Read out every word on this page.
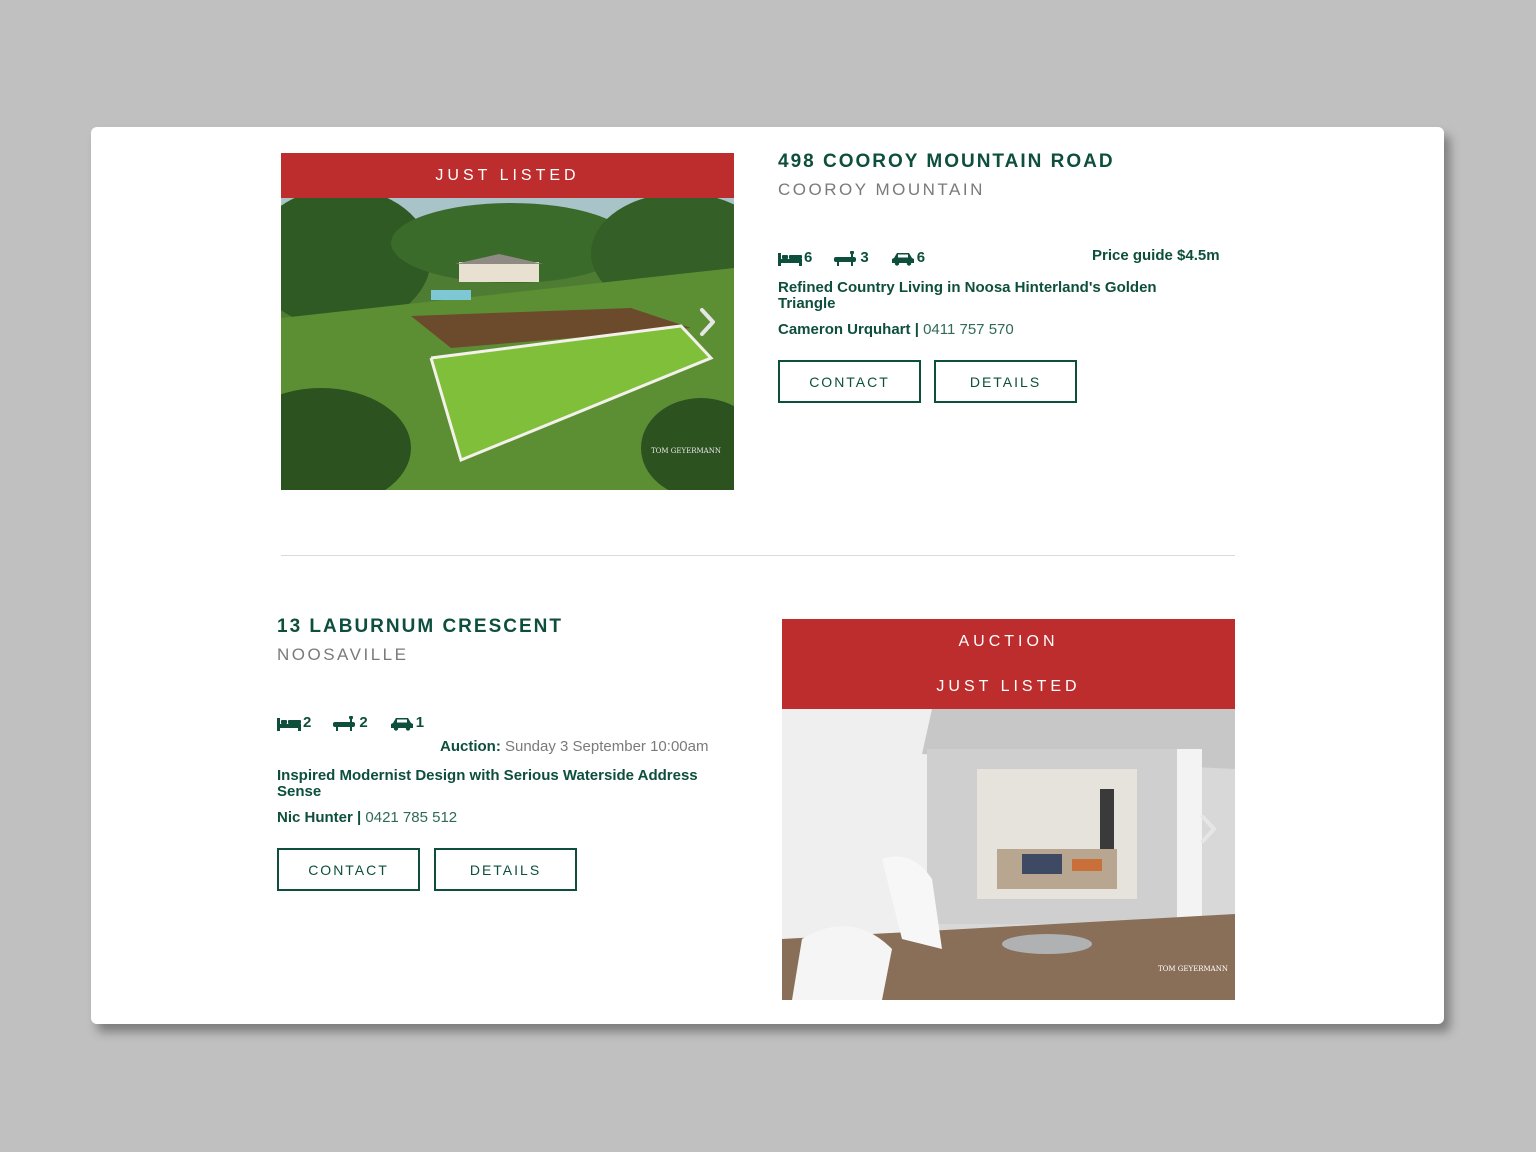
JUST LISTED
TOM GEYERMANN
498 COOROY MOUNTAIN ROAD
COOROY MOUNTAIN
6	3	6	Price guide $4.5m
Refined Country Living in Noosa Hinterland's Golden Triangle
Cameron Urquhart | 0411 757 570
CONTACT	DETAILS
13 LABURNUM CRESCENT
NOOSAVILLE
2	2	1
Auction: Sunday 3 September 10:00am
Inspired Modernist Design with Serious Waterside Address Sense
Nic Hunter | 0421 785 512
CONTACT	DETAILS
AUCTION
JUST LISTED
TOM GEYERMANN
